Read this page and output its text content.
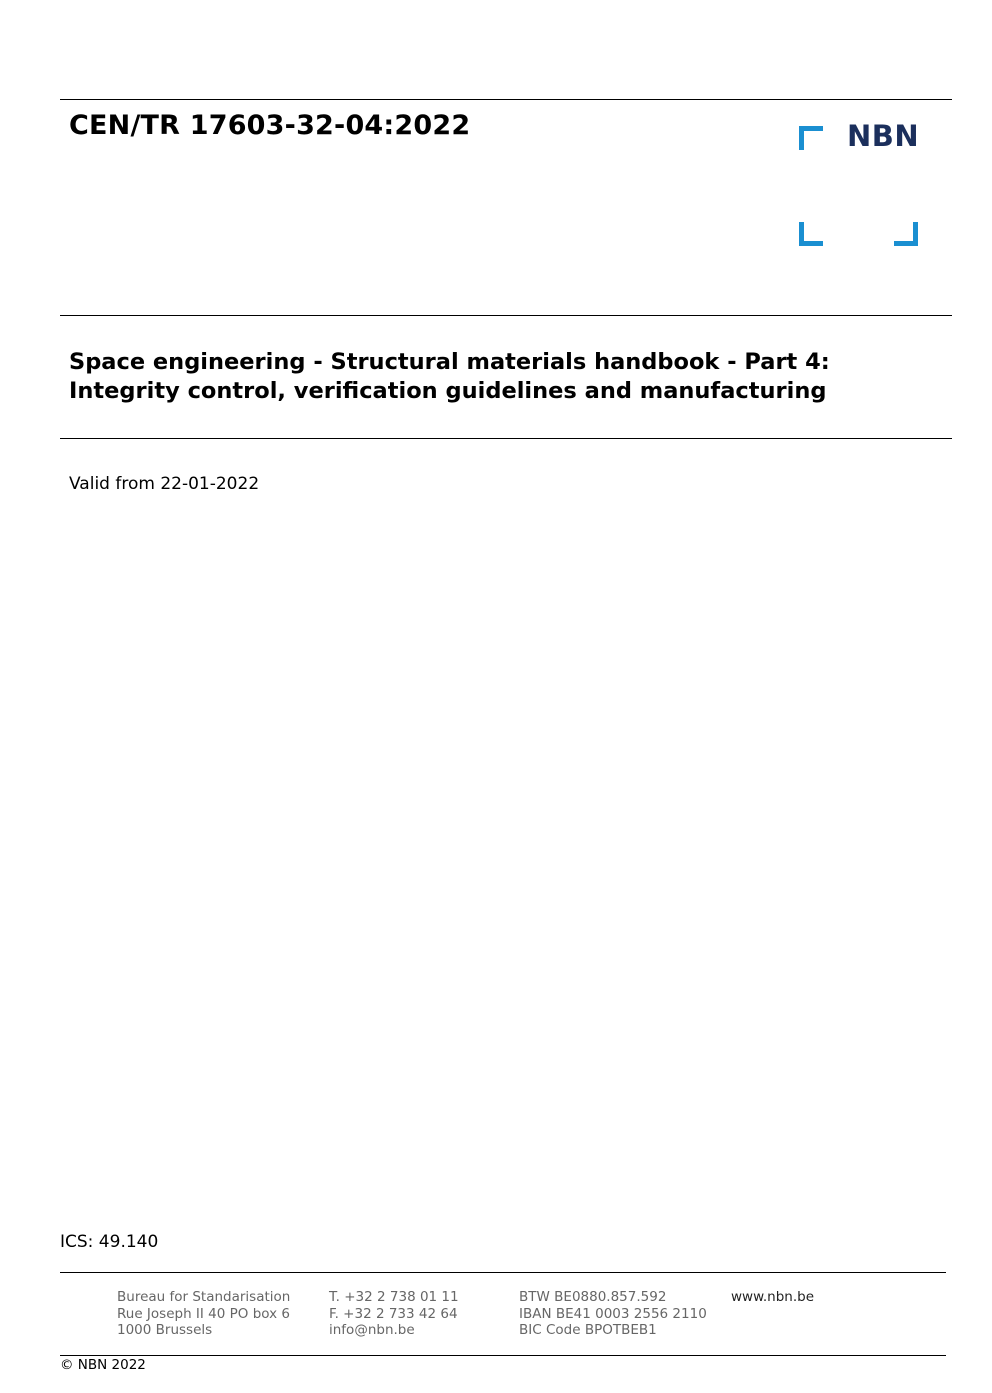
CEN/TR 17603-32-04:2022	NBN
Space engineering - Structural materials handbook - Part 4:
Integrity control, verification guidelines and manufacturing
Valid from 22-01-2022
ICS: 49.140
Bureau for Standarisation
Rue Joseph II 40 PO box 6
1000 Brussels
T. +32 2 738 01 11
F. +32 2 733 42 64
info@nbn.be
BTW BE0880.857.592
IBAN BE41 0003 2556 2110
BIC Code BPOTBEB1
www.nbn.be
© NBN 2022
